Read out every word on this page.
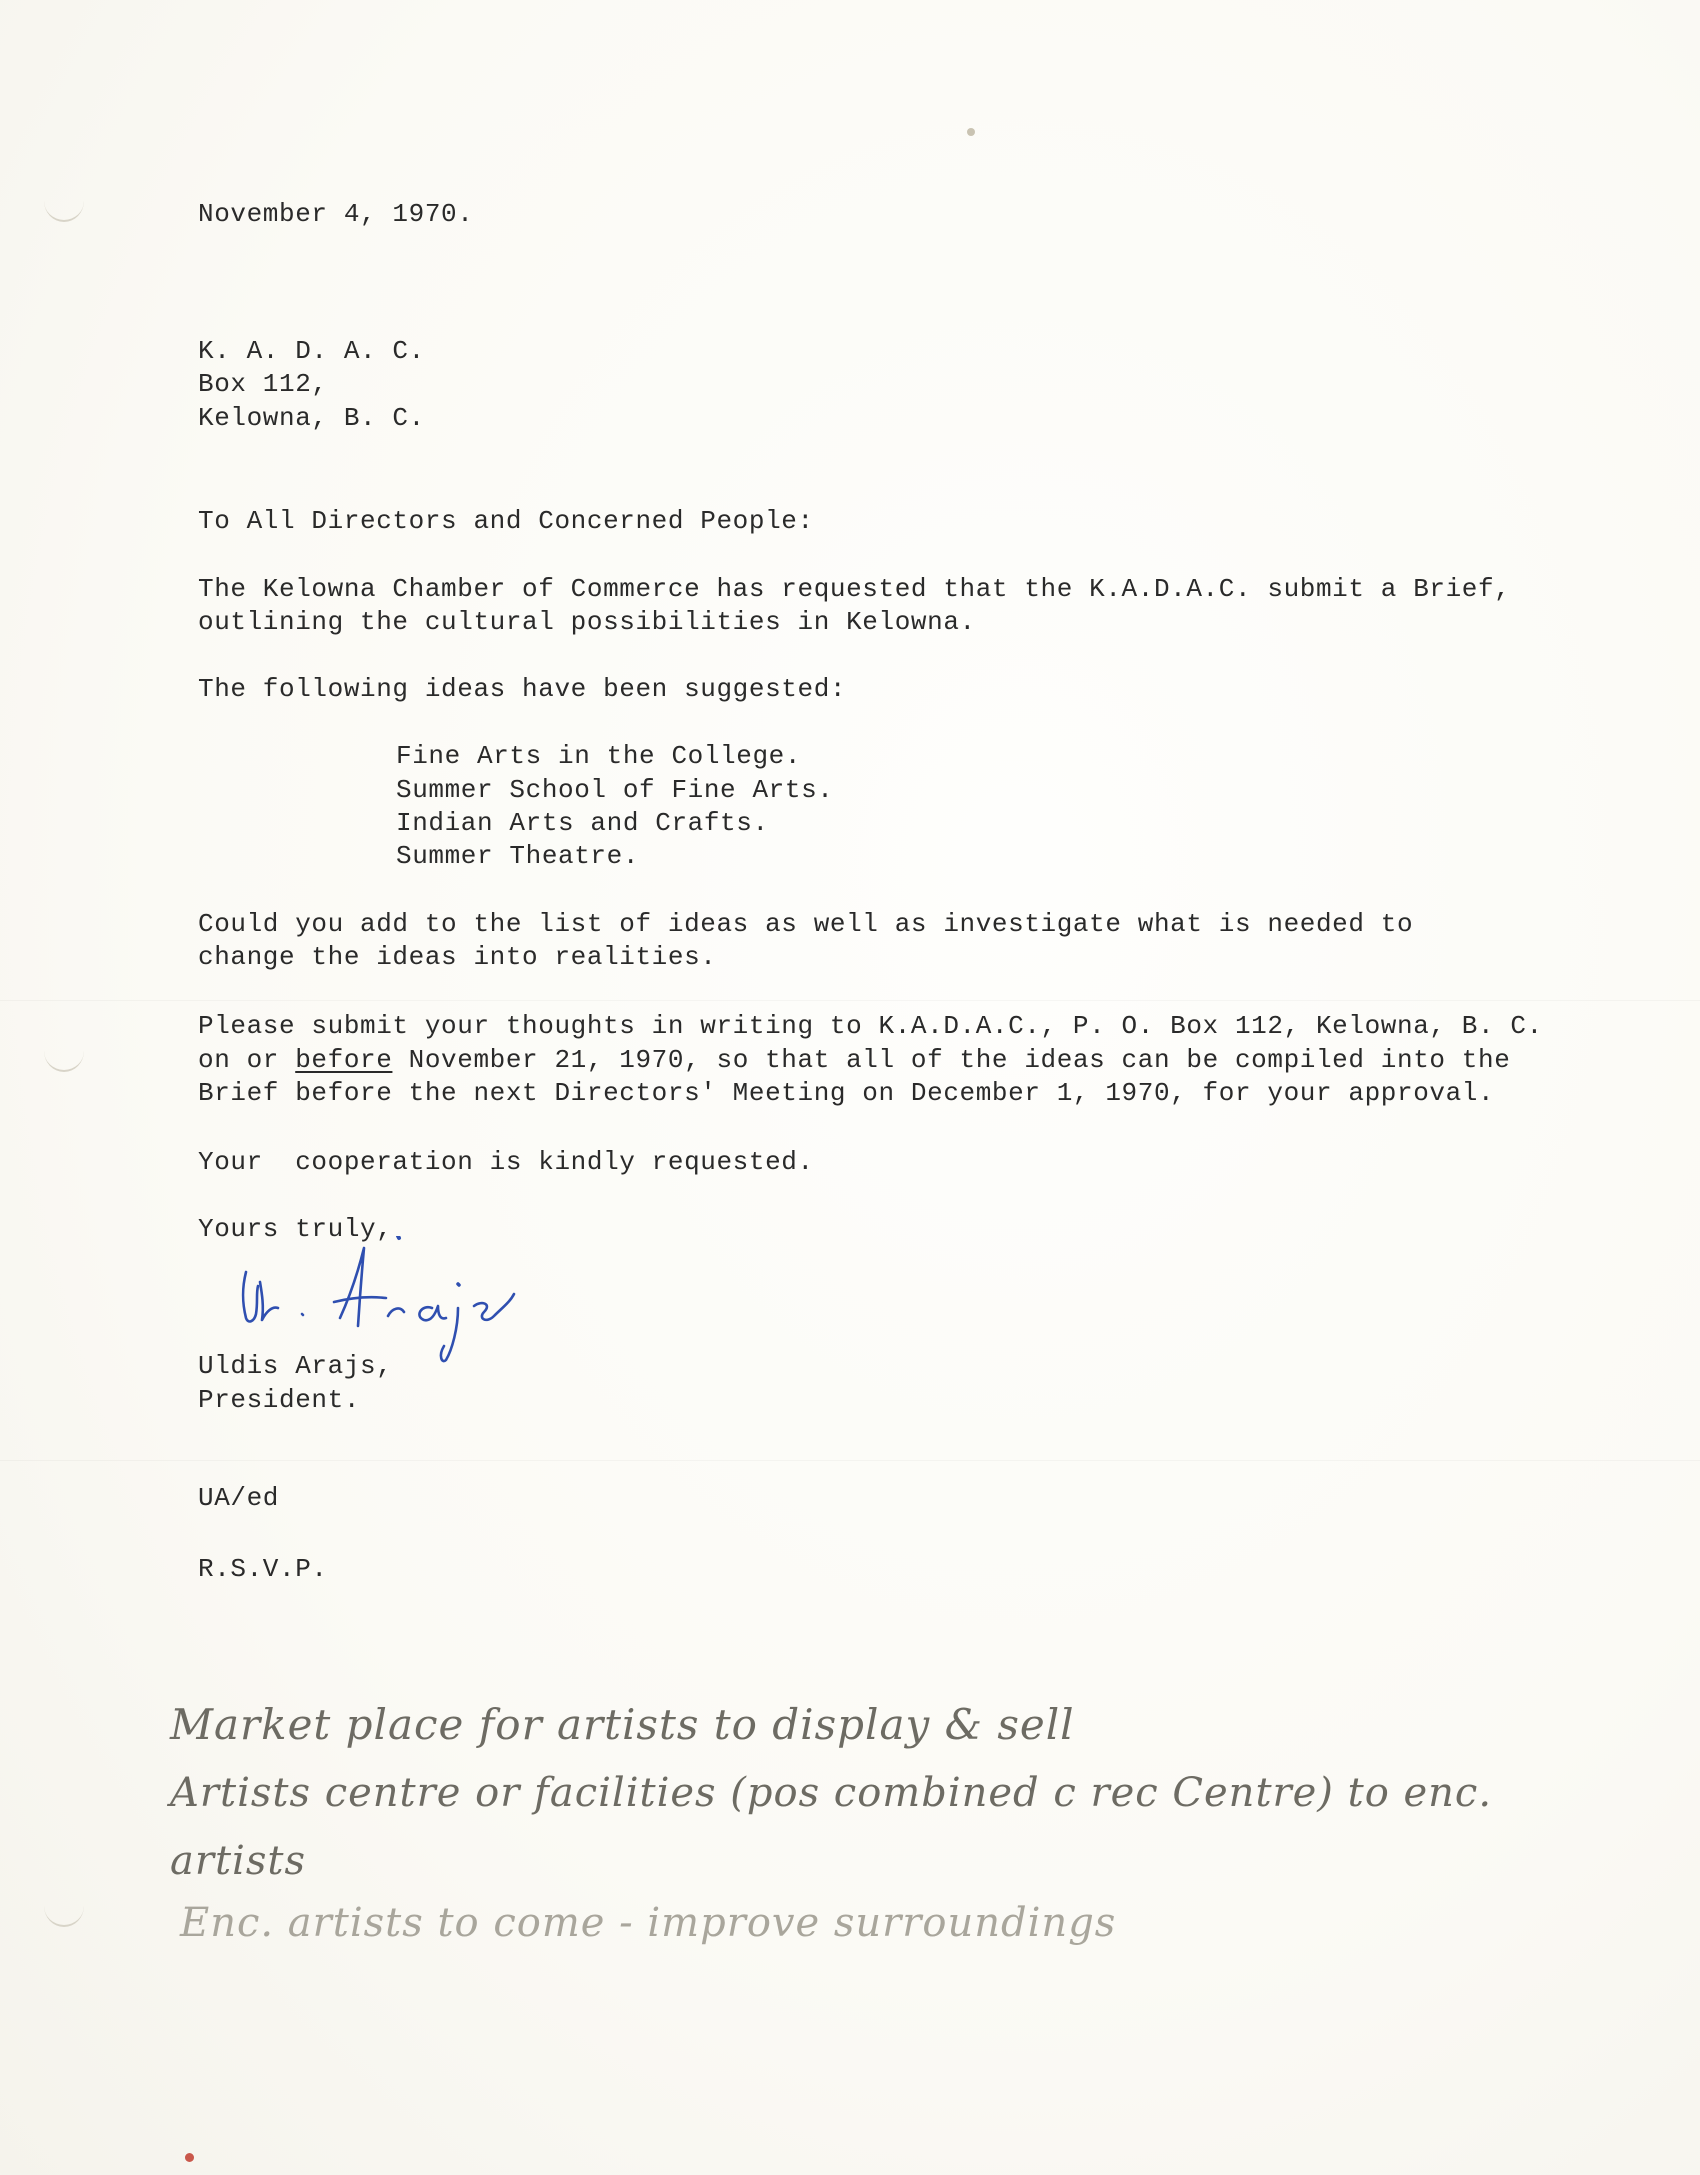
November 4, 1970.
K. A. D. A. C.
Box 112,
Kelowna, B. C.
To All Directors and Concerned People:
The Kelowna Chamber of Commerce has requested that the K.A.D.A.C. submit a Brief,
outlining the cultural possibilities in Kelowna.
The following ideas have been suggested:
Fine Arts in the College.
Summer School of Fine Arts.
Indian Arts and Crafts.
Summer Theatre.
Could you add to the list of ideas as well as investigate what is needed to
change the ideas into realities.
Please submit your thoughts in writing to K.A.D.A.C., P. O. Box 112, Kelowna, B. C.
on or before November 21, 1970, so that all of the ideas can be compiled into the
Brief before the next Directors' Meeting on December 1, 1970, for your approval.
Your  cooperation is kindly requested.
Yours truly,
Uldis Arajs,
President.
UA/ed
R.S.V.P.
Market place for artists to display & sell
Artists centre or facilities (pos combined c rec Centre) to enc.
artists
Enc. artists to come - improve surroundings
